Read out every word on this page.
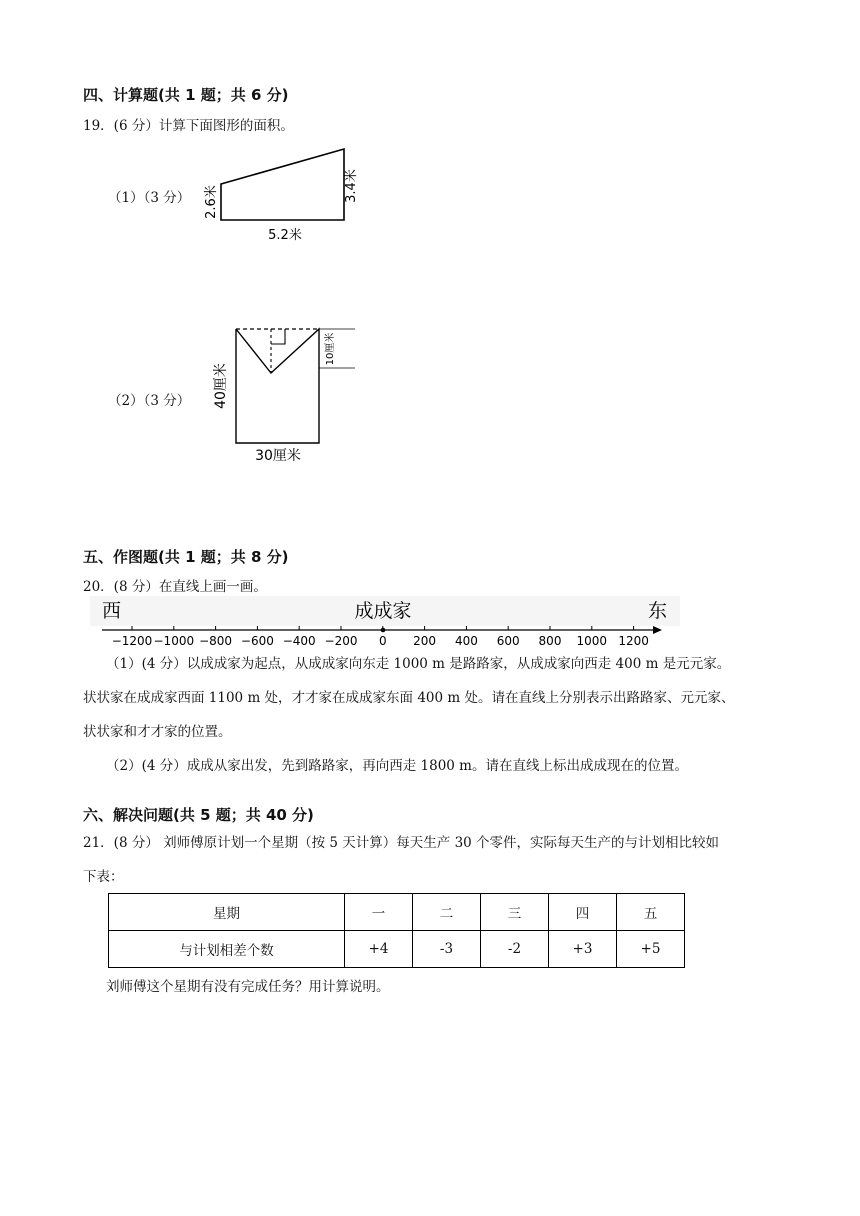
四、计算题(共 1 题；共 6 分)
19．(6 分）计算下面图形的面积。
（1）（3 分） 2.6米	3.4米
5.2米
（2）（3 分）
10厘米
40厘米
30厘米
五、作图题(共 1 题；共 8 分)
20．(8 分）在直线上画一画。
西	成成家	东
−1200 −1000 −800 −600 −400 −200 0 200 400 600 800 1000 1200
（1）(4 分）以成成家为起点，从成成家向东走 1000 m 是路路家，从成成家向西走 400 m 是元元家。
状状家在成成家西面 1100 m 处，才才家在成成家东面 400 m 处。请在直线上分别表示出路路家、元元家、
状状家和才才家的位置。
（2）(4 分）成成从家出发，先到路路家，再向西走 1800 m。请在直线上标出成成现在的位置。
六、解决问题(共 5 题；共 40 分)
21．(8 分） 刘师傅原计划一个星期（按 5 天计算）每天生产 30 个零件，实际每天生产的与计划相比较如
下表：
星期	一	二	三	四	五
与计划相差个数	+4	-3	-2	+3	+5
刘师傅这个星期有没有完成任务？用计算说明。
